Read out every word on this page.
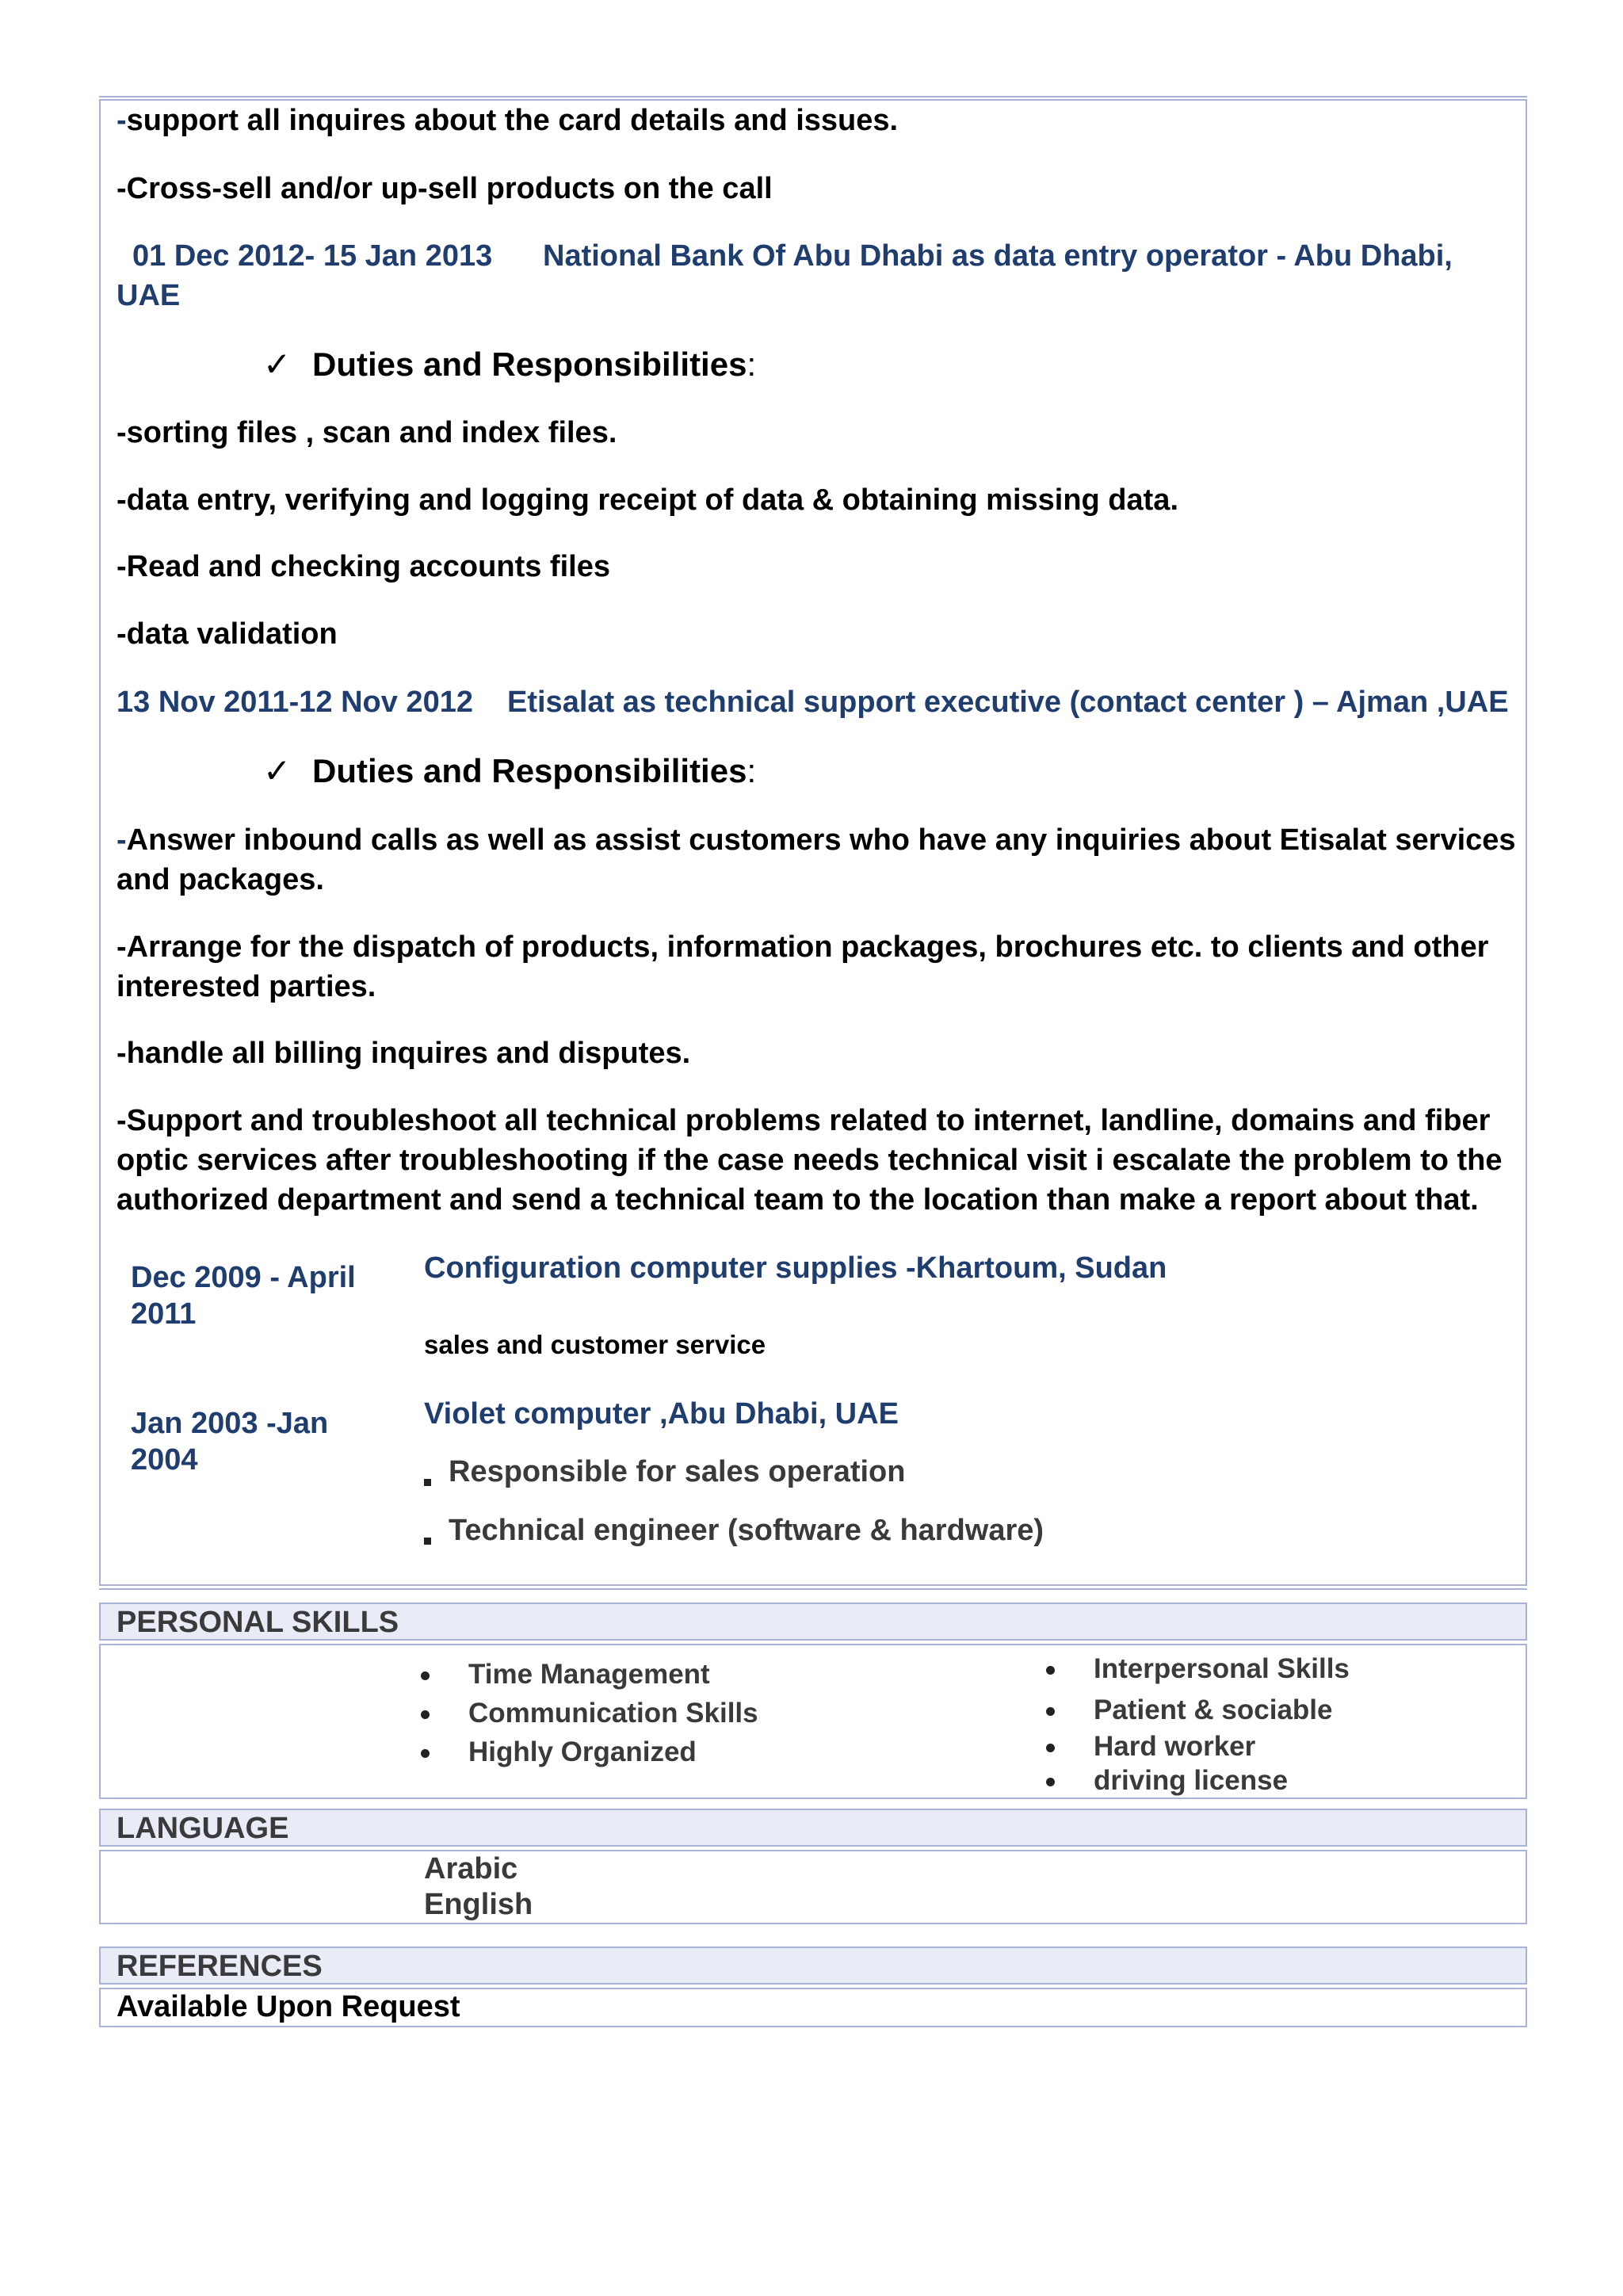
-support all inquires about the card details and issues.
-Cross-sell and/or up-sell products on the call
01 Dec 2012- 15 Jan 2013 National Bank Of Abu Dhabi as data entry operator - Abu Dhabi,
UAE
✓ Duties and Responsibilities:
-sorting files , scan and index files.
-data entry, verifying and logging receipt of data & obtaining missing data.
-Read and checking accounts files
-data validation
13 Nov 2011-12 Nov 2012 Etisalat as technical support executive (contact center ) – Ajman ,UAE
✓ Duties and Responsibilities:
-Answer inbound calls as well as assist customers who have any inquiries about Etisalat services and packages.
-Arrange for the dispatch of products, information packages, brochures etc. to clients and other interested parties.
-handle all billing inquires and disputes.
-Support and troubleshoot all technical problems related to internet, landline, domains and fiber optic services after troubleshooting if the case needs technical visit i escalate the problem to the authorized department and send a technical team to the location than make a report about that.
Dec 2009 - April 2011
Configuration computer supplies -Khartoum, Sudan
sales and customer service
Jan 2003 -Jan 2004
Violet computer ,Abu Dhabi, UAE
Responsible for sales operation
Technical engineer (software & hardware)
PERSONAL SKILLS
Time Management
Communication Skills
Highly Organized
Interpersonal Skills
Patient & sociable
Hard worker
driving license
LANGUAGE
Arabic
English
REFERENCES
Available Upon Request
